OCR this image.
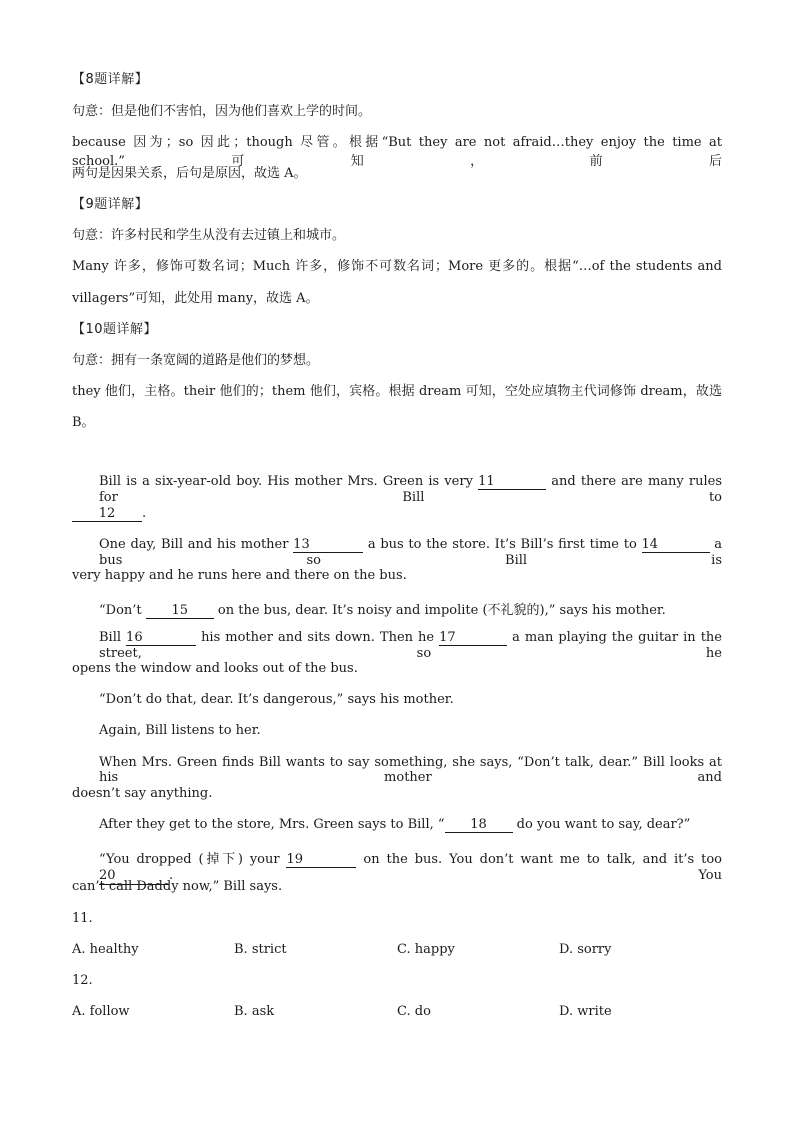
【8题详解】
句意：但是他们不害怕，因为他们喜欢上学的时间。
because 因为；so 因此；though 尽管。根据“But they are not afraid…they enjoy the time at school.”可知，前后
两句是因果关系，后句是原因，故选 A。
【9题详解】
句意：许多村民和学生从没有去过镇上和城市。
Many 许多，修饰可数名词；Much 许多，修饰不可数名词；More 更多的。根据“…of the students and
villagers”可知，此处用 many，故选 A。
【10题详解】
句意：拥有一条宽阔的道路是他们的梦想。
they 他们，主格。their 他们的；them 他们，宾格。根据 dream 可知，空处应填物主代词修饰 dream，故选
B。
Bill is a six-year-old boy. His mother Mrs. Green is very 11	and there are many rules for Bill to
12 .
One day, Bill and his mother 13	a bus to the store. It’s Bill’s first time to 14	a bus so Bill is
very happy and he runs here and there on the bus.
“Don’t 15 on the bus, dear. It’s noisy and impolite (不礼貌的),” says his mother.
Bill 16	his mother and sits down. Then he 17	a man playing the guitar in the street, so he
opens the window and looks out of the bus.
“Don’t do that, dear. It’s dangerous,” says his mother.
Again, Bill listens to her.
When Mrs. Green finds Bill wants to say something, she says, “Don’t talk, dear.” Bill looks at his mother and
doesn’t say anything.
After they get to the store, Mrs. Green says to Bill, “ 18 do you want to say, dear?”
“You dropped (掉下) your 19	on the bus. You don’t want me to talk, and it’s too 20	. You
can’t call Daddy now,” Bill says.
11.
A. healthy	B. strict	C. happy	D. sorry
12.
A. follow	B. ask	C. do	D. write
